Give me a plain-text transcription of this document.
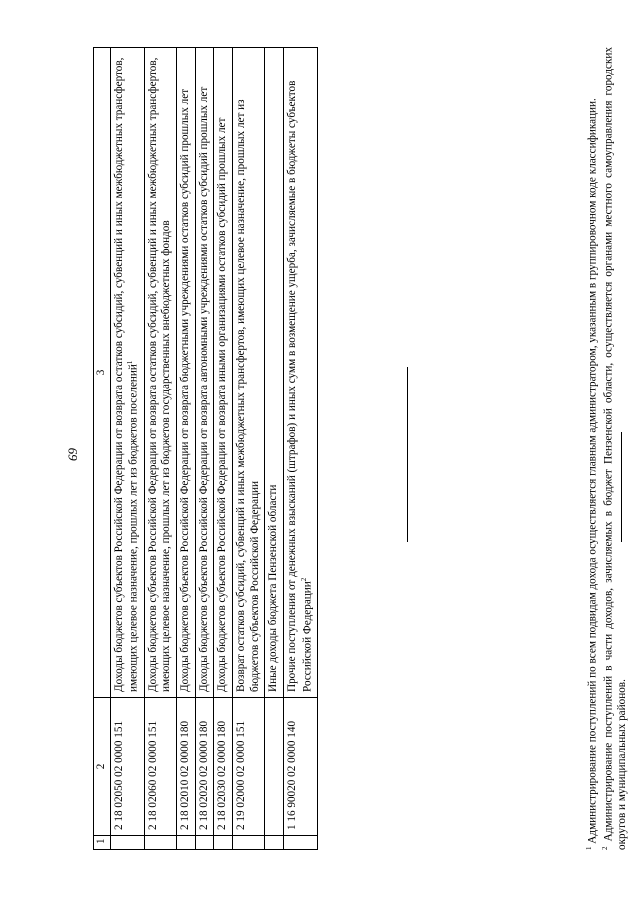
69
1	2	3
	2 18 02050 02 0000 151	Доходы бюджетов субъектов Российской Федерации от возврата остатков субсидий, субвенций и иных межбюджетных трансфертов, имеющих целевое назначение, прошлых лет из бюджетов поселений$^1$
	2 18 02060 02 0000 151	Доходы бюджетов субъектов Российской Федерации от возврата остатков субсидий, субвенций и иных межбюджетных трансфертов, имеющих целевое назначение, прошлых лет из бюджетов государственных внебюджетных фондов
	2 18 02010 02 0000 180	Доходы бюджетов субъектов Российской Федерации от возврата бюджетными учреждениями остатков субсидий прошлых лет
	2 18 02020 02 0000 180	Доходы бюджетов субъектов Российской Федерации от возврата автономными учреждениями остатков субсидий прошлых лет
	2 18 02030 02 0000 180	Доходы бюджетов субъектов Российской Федерации от возврата иными организациями остатков субсидий прошлых лет
	2 19 02000 02 0000 151	Возврат остатков субсидий, субвенций и иных межбюджетных трансфертов, имеющих целевое назначение, прошлых лет из бюджетов субъектов Российской Федерации
		Иные доходы бюджета Пензенской области
	1 16 90020 02 0000 140	Прочие поступления от денежных взысканий (штрафов) и иных сумм в возмещение ущерба, зачисляемые в бюджеты субъектов Российской Федерации$^2$

$^1$ Администрирование поступлений по всем подвидам дохода осуществляется главным администратором, указанным в группировочном коде классификации.

$^2$ Администрирование поступлений в части доходов, зачисляемых в бюджет Пензенской области, осуществляется органами местного самоуправления городских округов и муниципальных районов.
